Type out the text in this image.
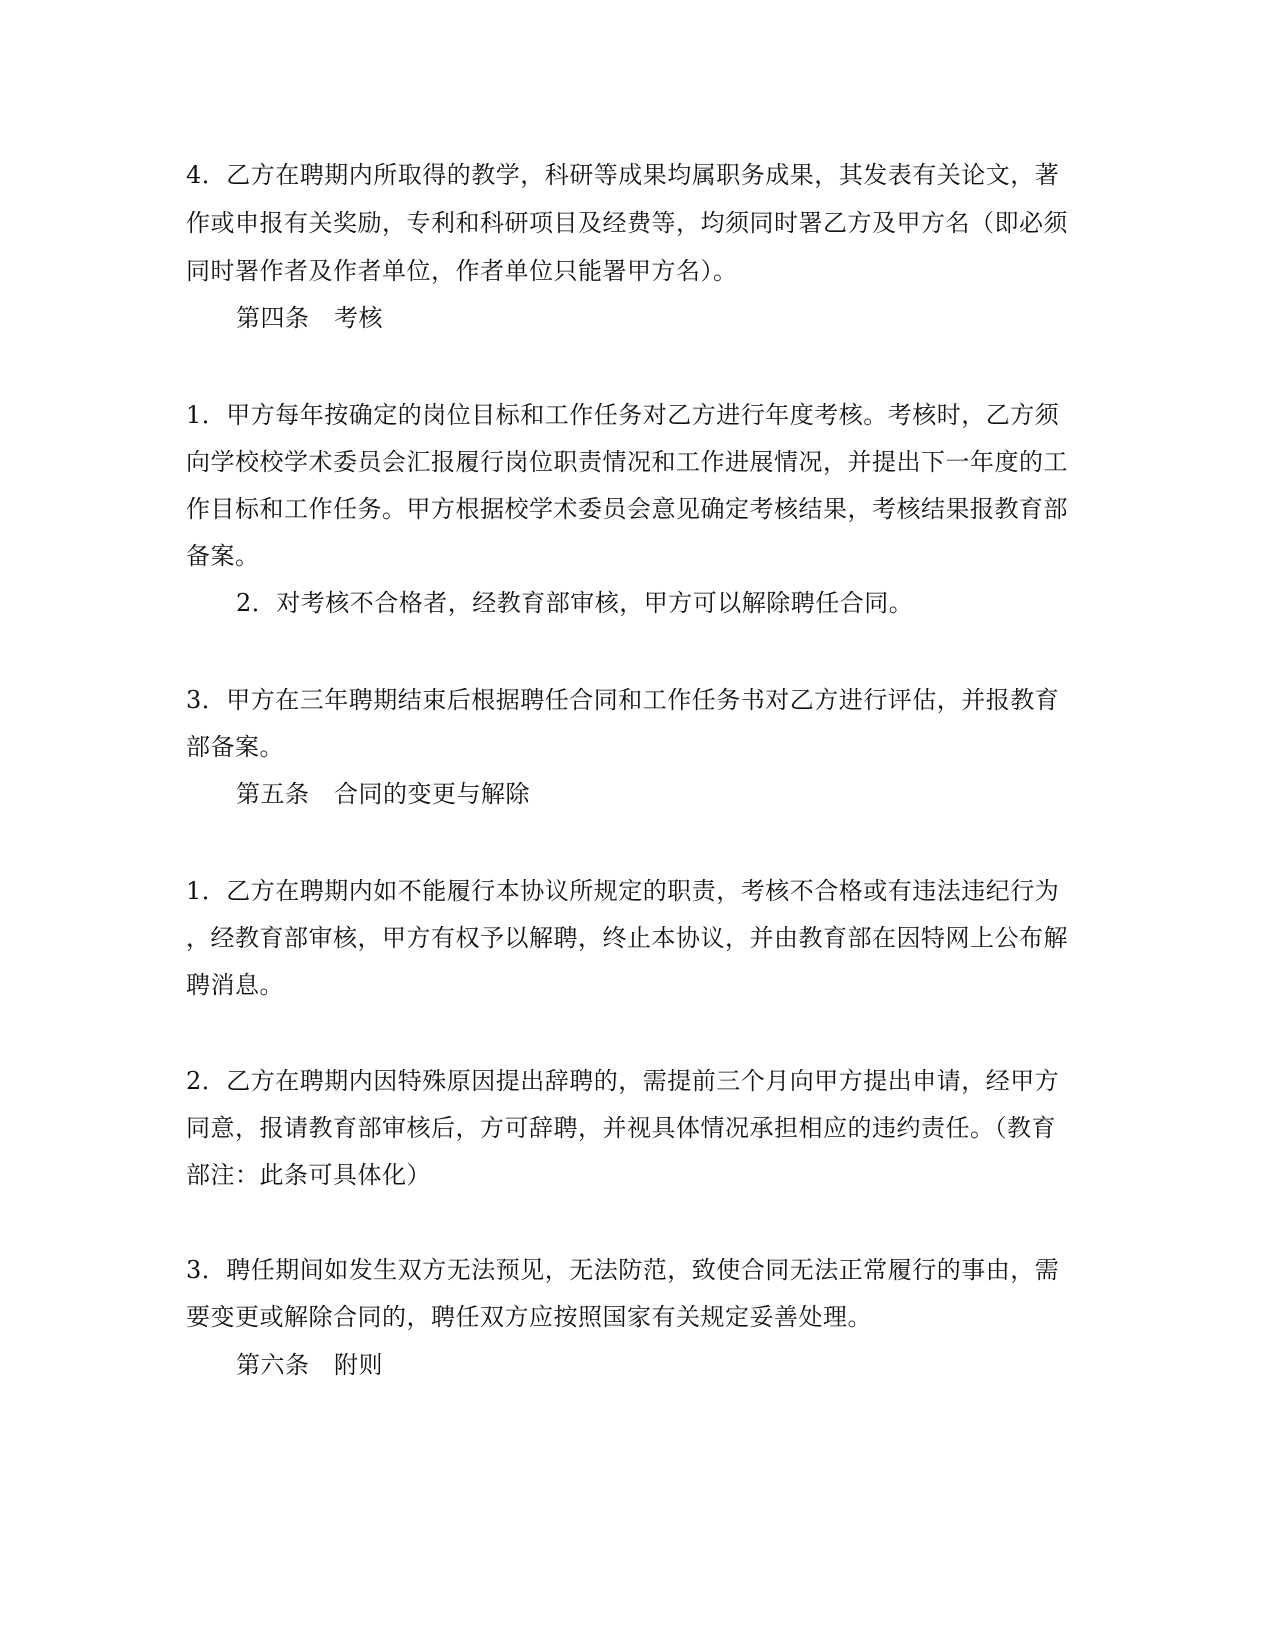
4．乙方在聘期内所取得的教学，科研等成果均属职务成果，其发表有关论文，著
作或申报有关奖励，专利和科研项目及经费等，均须同时署乙方及甲方名（即必须
同时署作者及作者单位，作者单位只能署甲方名）。
第四条　考核
1．甲方每年按确定的岗位目标和工作任务对乙方进行年度考核。考核时，乙方须
向学校校学术委员会汇报履行岗位职责情况和工作进展情况，并提出下一年度的工
作目标和工作任务。甲方根据校学术委员会意见确定考核结果，考核结果报教育部
备案。
2．对考核不合格者，经教育部审核，甲方可以解除聘任合同。
3．甲方在三年聘期结束后根据聘任合同和工作任务书对乙方进行评估，并报教育
部备案。
第五条　合同的变更与解除
1．乙方在聘期内如不能履行本协议所规定的职责，考核不合格或有违法违纪行为
，经教育部审核，甲方有权予以解聘，终止本协议，并由教育部在因特网上公布解
聘消息。
2．乙方在聘期内因特殊原因提出辞聘的，需提前三个月向甲方提出申请，经甲方
同意，报请教育部审核后，方可辞聘，并视具体情况承担相应的违约责任。（教育
部注：此条可具体化）
3．聘任期间如发生双方无法预见，无法防范，致使合同无法正常履行的事由，需
要变更或解除合同的，聘任双方应按照国家有关规定妥善处理。
第六条　附则
